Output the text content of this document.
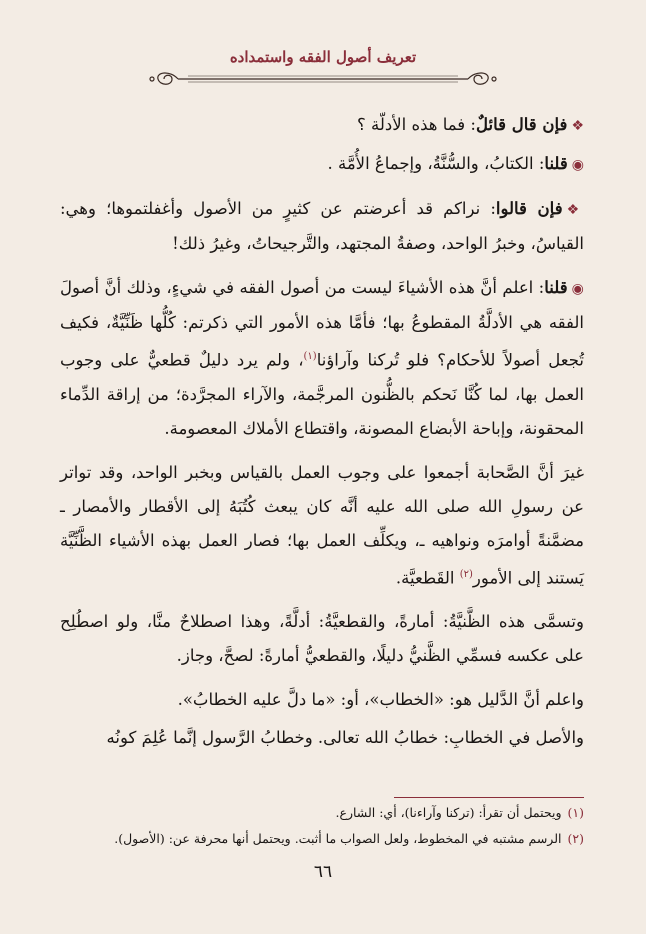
تعريف أصول الفقه واستمداده

❖فإن قال قائلٌ: فما هذه الأدلّة ؟

◉قلنا: الكتابُ، والسُّنَّةُ، وإجماعُ الأُمَّة .

❖فإن قالوا: نراكم قد أعرضتم عن كثيرٍ من الأصول وأغفلتموها؛ وهي: القياسُ، وخبرُ الواحد، وصفةُ المجتهد، والتَّرجيحاتُ، وغيرُ ذلك!

◉قلنا: اعلم أنَّ هذه الأشياءَ ليست من أصول الفقه في شيءٍ، وذلك أنَّ أصولَ الفقه هي الأدلَّةُ المقطوعُ بها؛ فأمَّا هذه الأمور التي ذكرتم: كُلُّها ظَنِّيَّةٌ، فكيف تُجعل أصولاً للأحكام؟ فلو تُركنا وآراؤنا$^{(١)}$، ولم يرد دليلٌ قطعيٌّ على وجوب العمل بها، لما كُنَّا نَحكم بالظُّنون المرجَّمة، والآراء المجرَّدة؛ من إراقة الدِّماء المحقونة، وإباحة الأبضاع المصونة، واقتطاع الأملاك المعصومة.

غيرَ أنَّ الصَّحابة أجمعوا على وجوب العمل بالقياس وبخبر الواحد، وقد تواتر عن رسولِ الله صلى الله عليه أنَّه كان يبعث كُتُبَهُ إلى الأقطار والأمصار ـ مضمَّنةً أوامرَه ونواهيه ـ، ويكلِّف العمل بها؛ فصار العمل بهذه الأشياء الظَّنِّيَّة يَستند إلى الأمور$^{(٢)}$ القَطعيَّة.

وتسمَّى هذه الظَّنيَّةُ: أمارةً، والقطعيَّةُ: أدلَّةً، وهذا اصطلاحٌ منَّا، ولو اصطُلِح على عكسه فسمِّي الظَّنيُّ دليلًا، والقطعيُّ أمارةً: لصحَّ، وجاز.

واعلم أنَّ الدَّليل هو: «الخطاب»، أو: «ما دلَّ عليه الخطابُ».

والأصل في الخطابِ: خطابُ الله تعالى. وخطابُ الرَّسول إنَّما عُلِمَ كونُه

(١)ويحتمل أن تقرأ: (تركنا وآراءنا)، أي: الشارع.
(٢)الرسم مشتبه في المخطوط، ولعل الصواب ما أثبت. ويحتمل أنها محرفة عن: (الأصول).
٦٦
